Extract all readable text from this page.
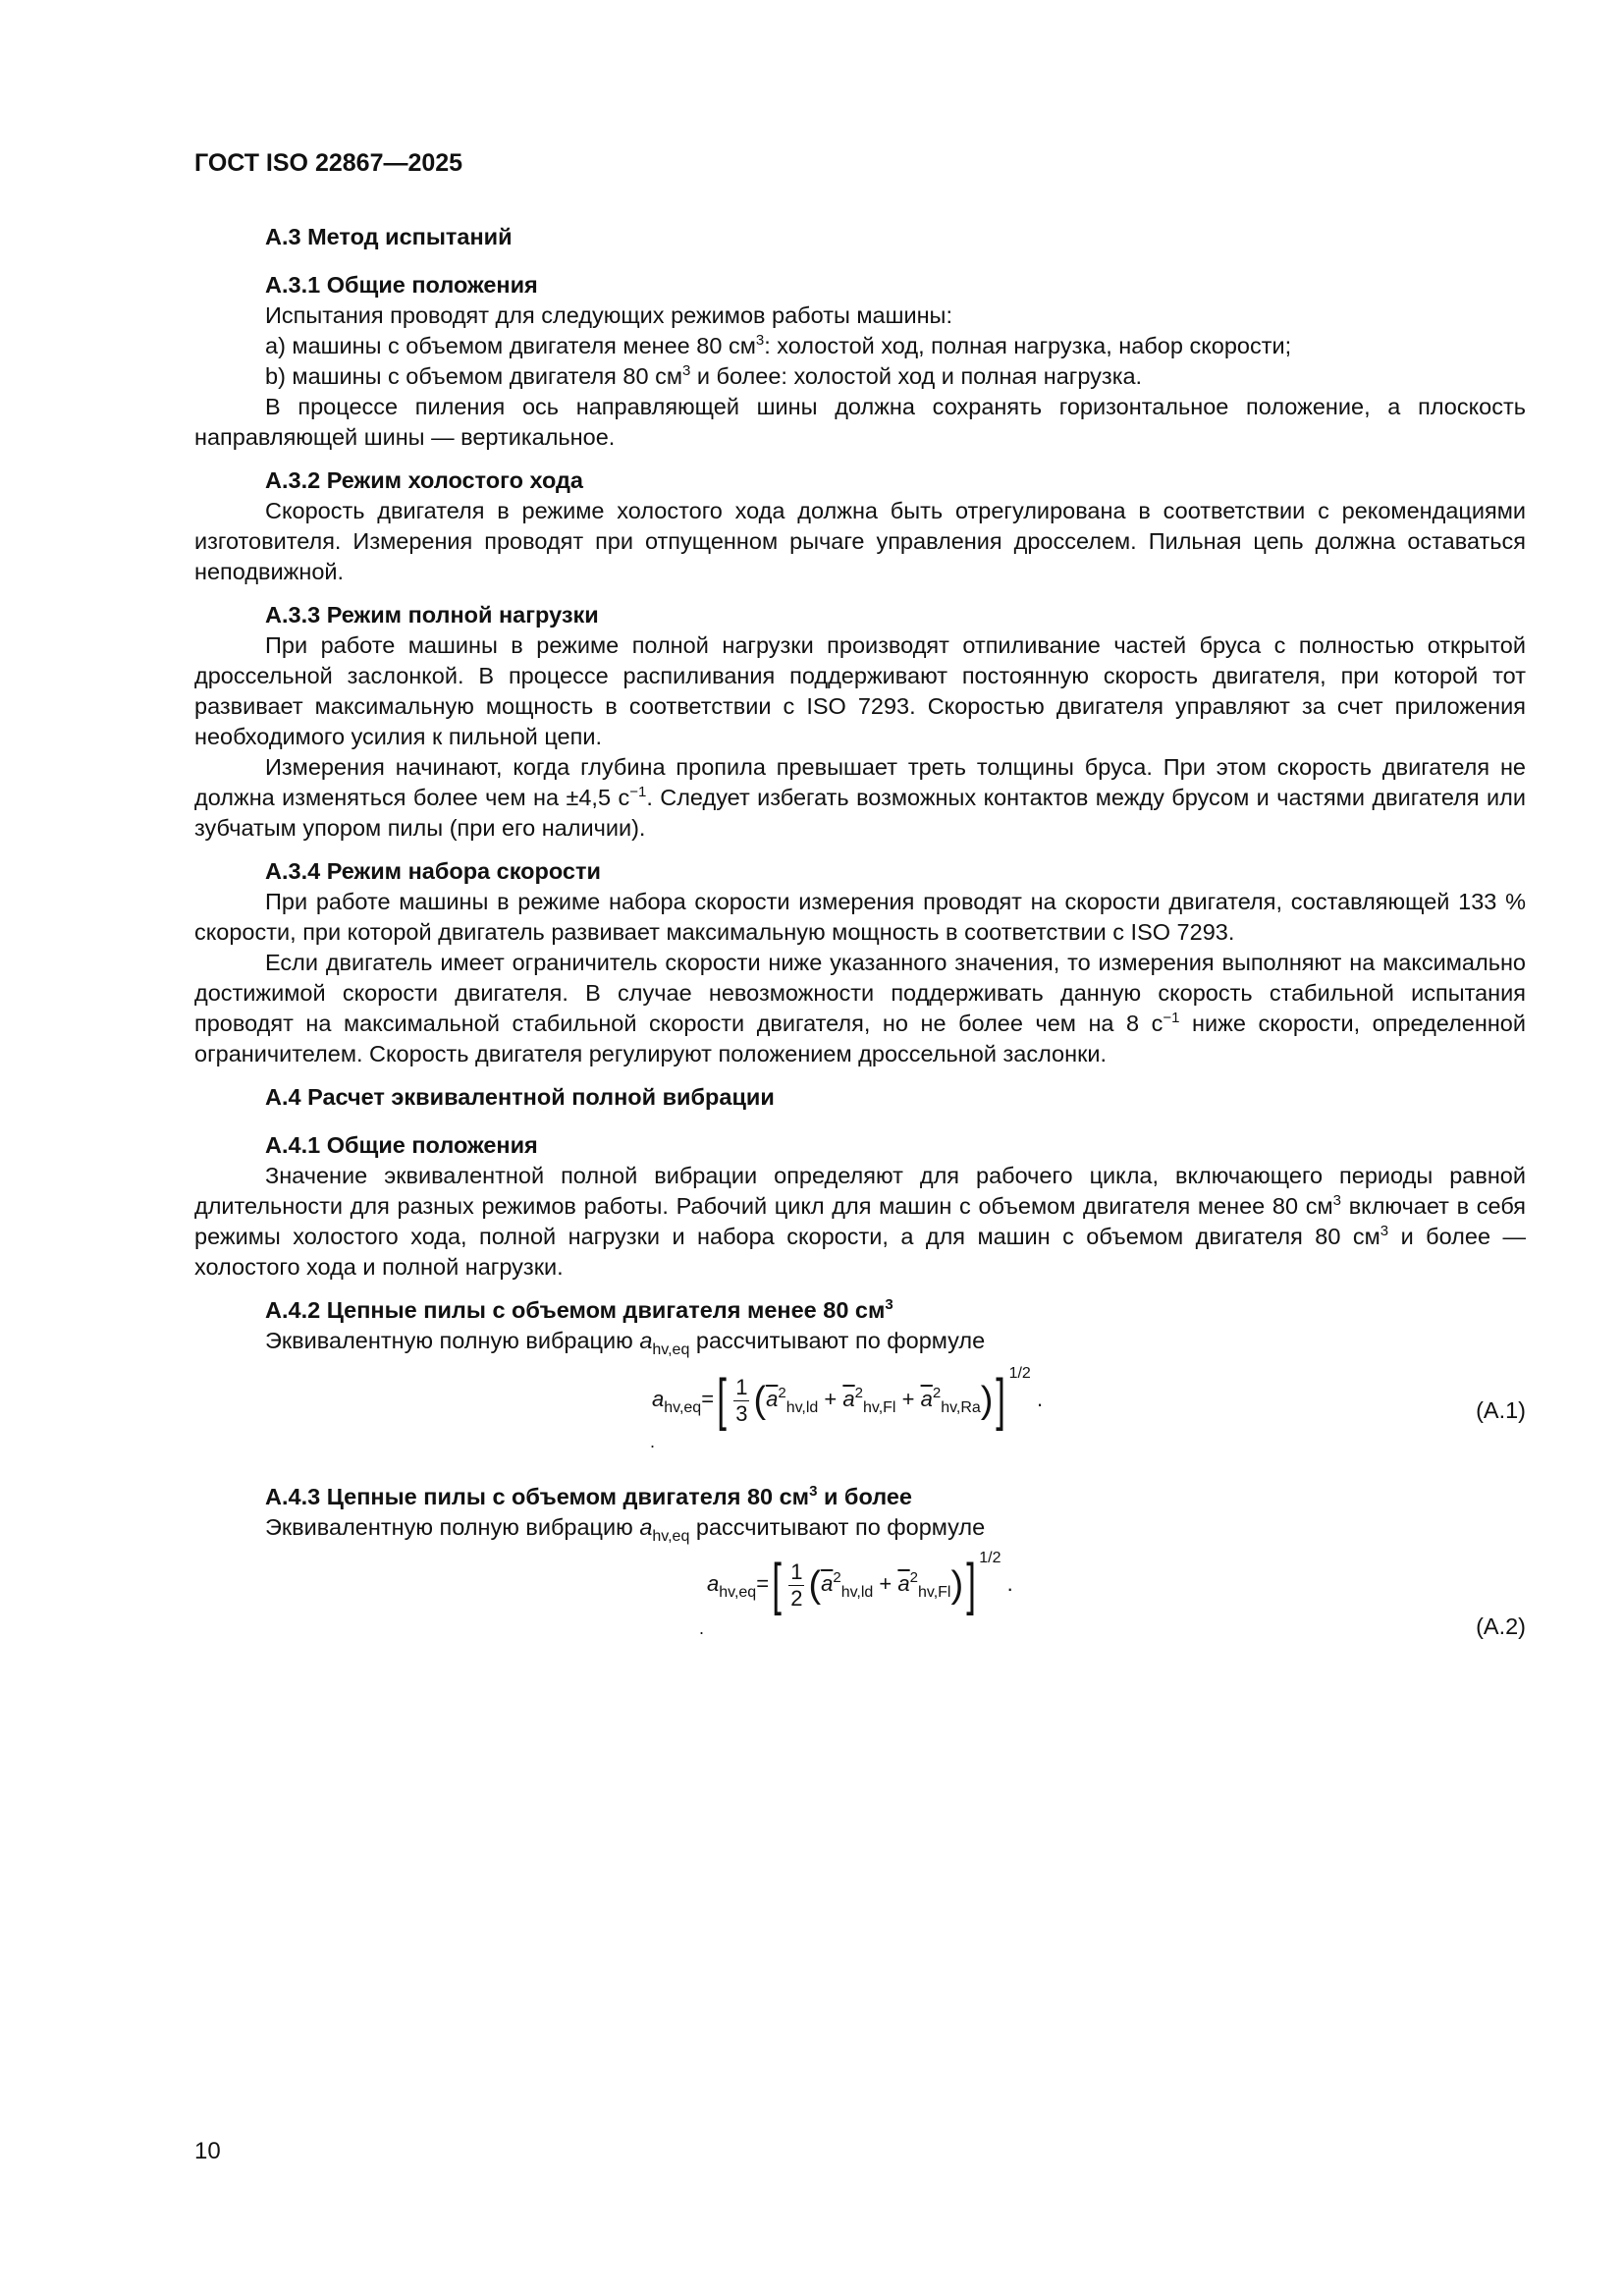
ГОСТ ISO 22867—2025

А.3 Метод испытаний

А.3.1 Общие положения

Испытания проводят для следующих режимов работы машины:

a) машины с объемом двигателя менее 80 $см^3$: холостой ход, полная нагрузка, набор скорости;

b) машины с объемом двигателя 80 $см^3$ и более: холостой ход и полная нагрузка.

В процессе пиления ось направляющей шины должна сохранять горизонтальное положение, а плоскость направляющей шины — вертикальное.

А.3.2 Режим холостого хода

Скорость двигателя в режиме холостого хода должна быть отрегулирована в соответствии с рекомендациями изготовителя. Измерения проводят при отпущенном рычаге управления дросселем. Пильная цепь должна оставаться неподвижной.

А.3.3 Режим полной нагрузки

При работе машины в режиме полной нагрузки производят отпиливание частей бруса с полностью открытой дроссельной заслонкой. В процессе распиливания поддерживают постоянную скорость двигателя, при которой тот развивает максимальную мощность в соответствии с ISO 7293. Скоростью двигателя управляют за счет приложения необходимого усилия к пильной цепи.

Измерения начинают, когда глубина пропила превышает треть толщины бруса. При этом скорость двигателя не должна изменяться более чем на ±4,5 $с^{-1}$. Следует избегать возможных контактов между брусом и частями двигателя или зубчатым упором пилы (при его наличии).

А.3.4 Режим набора скорости

При работе машины в режиме набора скорости измерения проводят на скорости двигателя, составляющей 133 % скорости, при которой двигатель развивает максимальную мощность в соответствии с ISO 7293.

Если двигатель имеет ограничитель скорости ниже указанного значения, то измерения выполняют на максимально достижимой скорости двигателя. В случае невозможности поддерживать данную скорость стабильной испытания проводят на максимальной стабильной скорости двигателя, но не более чем на 8 $с^{-1}$ ниже скорости, определенной ограничителем. Скорость двигателя регулируют положением дроссельной заслонки.

А.4 Расчет эквивалентной полной вибрации

А.4.1 Общие положения

Значение эквивалентной полной вибрации определяют для рабочего цикла, включающего периоды равной длительности для разных режимов работы. Рабочий цикл для машин с объемом двигателя менее 80 $см^3$ включает в себя режимы холостого хода, полной нагрузки и набора скорости, а для машин с объемом двигателя 80 $см^3$ и более — холостого хода и полной нагрузки.

А.4.2 Цепные пилы с объемом двигателя менее 80 $см^3$

Эквивалентную полную вибрацию $a_{hv,eq}$ рассчитывают по формуле

$a_{hv,eq}=[ \frac{1}{3} (\overline{a}^2_{hv,ld} + \overline{a}^2_{hv,Fl} + \overline{a}^2_{hv,Ra})]$ 1/2 .
.
(A.1)

А.4.3 Цепные пилы с объемом двигателя 80 $см^3$ и более

Эквивалентную полную вибрацию $a_{hv,eq}$ рассчитывают по формуле

$a_{hv,eq}=[ \frac{1}{2} (\overline{a}^2_{hv,ld} + \overline{a}^2_{hv,Fl})]$ 1/2 .
.	(A.2)
10
